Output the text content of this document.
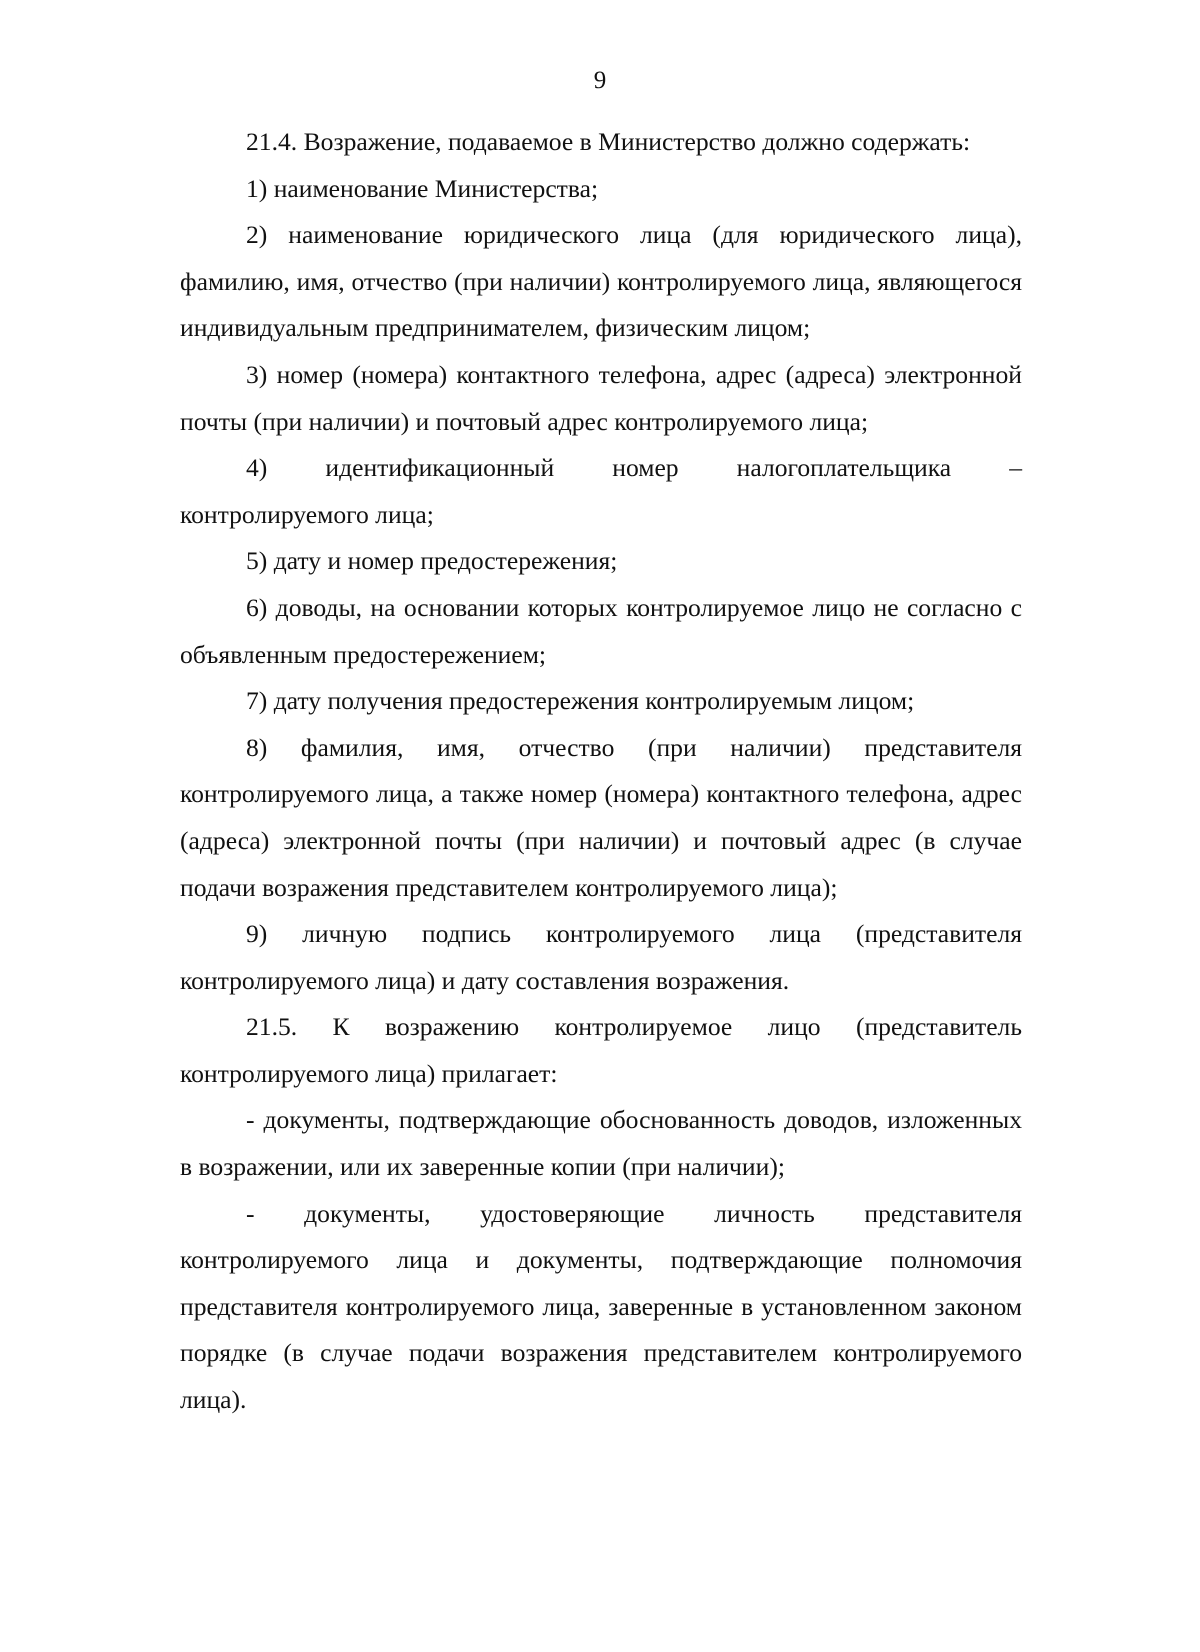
9

21.4. Возражение, подаваемое в Министерство должно содержать:

1) наименование Министерства;

2) наименование юридического лица (для юридического лица), фамилию, имя, отчество (при наличии) контролируемого лица, являющегося индивидуальным предпринимателем, физическим лицом;

3) номер (номера) контактного телефона, адрес (адреса) электронной почты (при наличии) и почтовый адрес контролируемого лица;

4) идентификационный номер налогоплательщика –

контролируемого лица;

5) дату и номер предостережения;

6) доводы, на основании которых контролируемое лицо не согласно с объявленным предостережением;

7) дату получения предостережения контролируемым лицом;

8) фамилия, имя, отчество (при наличии) представителя контролируемого лица, а также номер (номера) контактного телефона, адрес (адреса) электронной почты (при наличии) и почтовый адрес (в случае подачи возражения представителем контролируемого лица);

9) личную подпись контролируемого лица (представителя контролируемого лица) и дату составления возражения.

21.5. К возражению контролируемое лицо (представитель контролируемого лица) прилагает:

- документы, подтверждающие обоснованность доводов, изложенных в возражении, или их заверенные копии (при наличии);

- документы, удостоверяющие личность представителя контролируемого лица и документы, подтверждающие полномочия представителя контролируемого лица, заверенные в установленном законом порядке (в случае подачи возражения представителем контролируемого лица).
